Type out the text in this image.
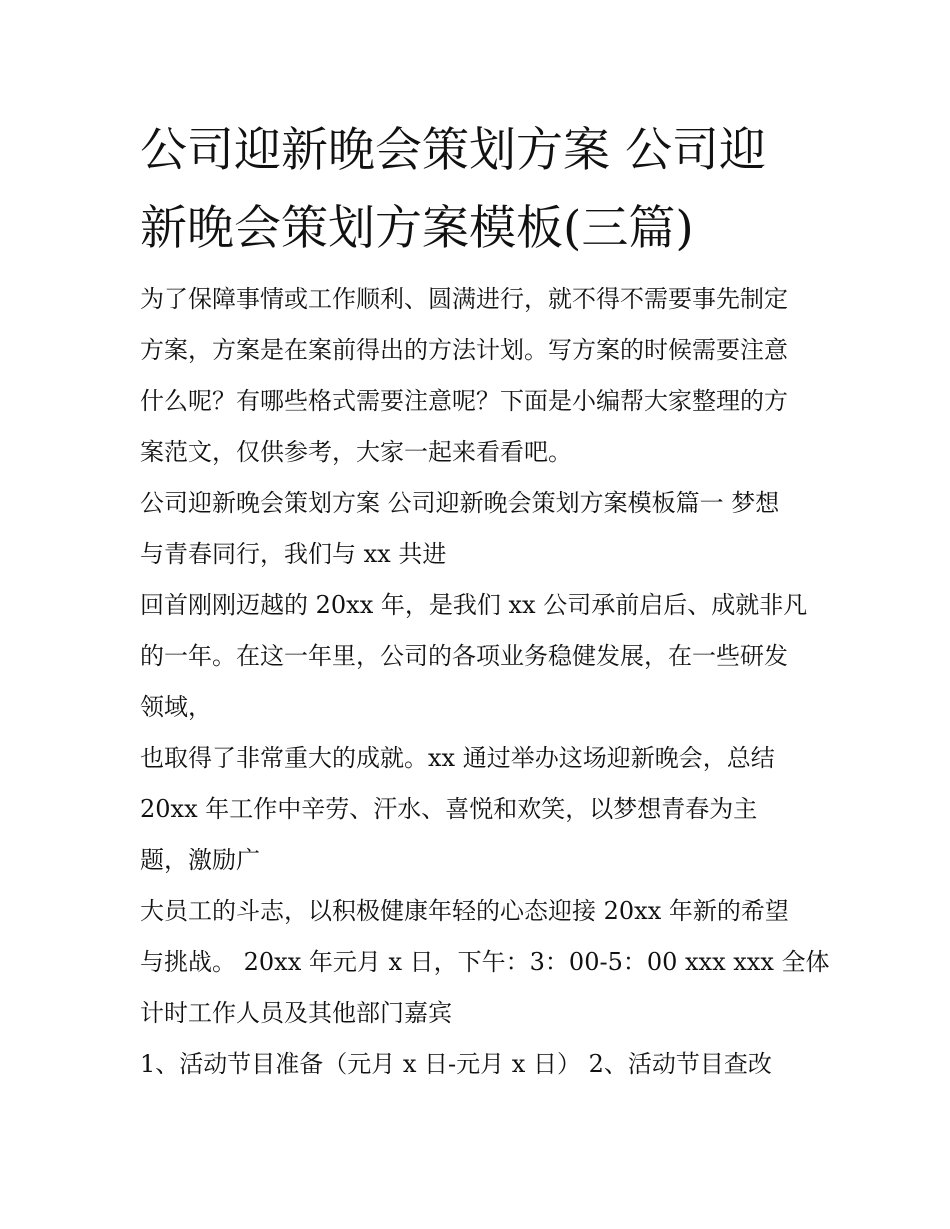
公司迎新晚会策划方案 公司迎
新晚会策划方案模板(三篇)

为了保障事情或工作顺利、圆满进行，就不得不需要事先制定
方案，方案是在案前得出的方法计划。写方案的时候需要注意
什么呢？有哪些格式需要注意呢？下面是小编帮大家整理的方
案范文，仅供参考，大家一起来看看吧。

公司迎新晚会策划方案 公司迎新晚会策划方案模板篇一 梦想
与青春同行，我们与 xx 共进

回首刚刚迈越的 20xx 年，是我们 xx 公司承前启后、成就非凡
的一年。在这一年里，公司的各项业务稳健发展，在一些研发
领域，

也取得了非常重大的成就。xx 通过举办这场迎新晚会，总结
20xx 年工作中辛劳、汗水、喜悦和欢笑，以梦想青春为主
题，激励广

大员工的斗志，以积极健康年轻的心态迎接 20xx 年新的希望
与挑战。 20xx 年元月 x 日，下午：3：00-5：00 xxx xxx 全体
计时工作人员及其他部门嘉宾

1、活动节目准备（元月 x 日-元月 x 日） 2、活动节目查改
